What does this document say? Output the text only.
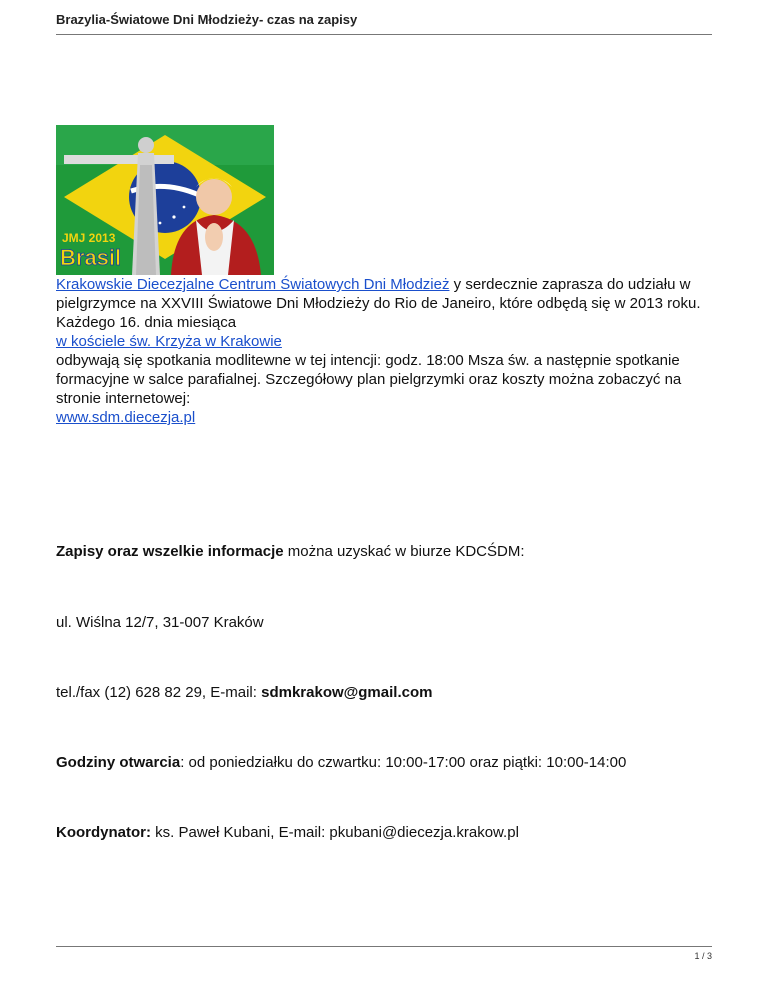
Brazylia-Światowe Dni Młodzieży- czas na zapisy
JMJ 2013
Brasil
Krakowskie Diecezjalne Centrum Światowych Dni Młodzież y serdecznie zaprasza do udziału w pielgrzymce na XXVIII Światowe Dni Młodzieży do Rio de Janeiro, które odbędą się w 2013 roku. Każdego 16. dnia miesiąca
w kościele św. Krzyża w Krakowie
odbywają się spotkania modlitewne w tej intencji: godz. 18:00 Msza św. a następnie spotkanie formacyjne w salce parafialnej. Szczegółowy plan pielgrzymki oraz koszty można zobaczyć na stronie internetowej:
www.sdm.diecezja.pl
Zapisy oraz wszelkie informacje można uzyskać w biurze KDCŚDM:
ul. Wiślna 12/7, 31-007 Kraków
tel./fax (12) 628 82 29, E-mail: sdmkrakow@gmail.com
Godziny otwarcia: od poniedziałku do czwartku: 10:00-17:00 oraz piątki: 10:00-14:00
Koordynator: ks. Paweł Kubani, E-mail: pkubani@diecezja.krakow.pl
1 / 3
